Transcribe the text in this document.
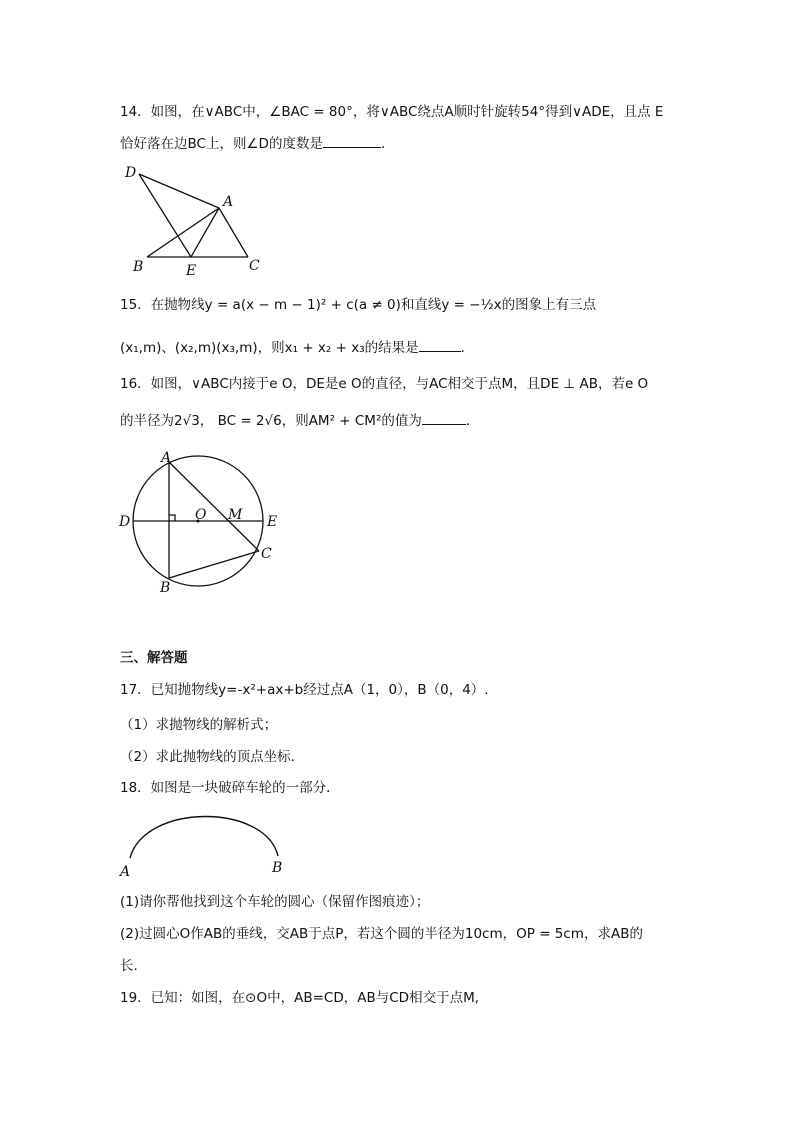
14．如图，在∨ABC中，∠BAC = 80°，将∨ABC绕点A顺时针旋转54°得到∨ADE，且点 E
恰好落在边BC上，则∠D的度数是	．
D
A
B	E	C
15．在抛物线y = a(x − m − 1)² + c(a ≠ 0)和直线y = −½x的图象上有三点
(x₁,m)、(x₂,m)(x₃,m)，则x₁ + x₂ + x₃的结果是	．
16．如图，∨ABC内接于e O，DE是e O的直径，与AC相交于点M，且DE ⊥ AB，若e O
的半径为2√3， BC = 2√6，则AM² + CM²的值为	．
A
B
C
D	E
O M
三、解答题
17．已知抛物线y=-x²+ax+b经过点A（1，0），B（0，4）.
（1）求抛物线的解析式；
（2）求此抛物线的顶点坐标．
18．如图是一块破碎车轮的一部分．
A	B
(1)请你帮他找到这个车轮的圆心（保留作图痕迹）；
(2)过圆心O作AB的垂线，交AB于点P，若这个圆的半径为10cm，OP = 5cm，求AB的
长．
19．已知：如图，在⊙O中，AB=CD，AB与CD相交于点M,
